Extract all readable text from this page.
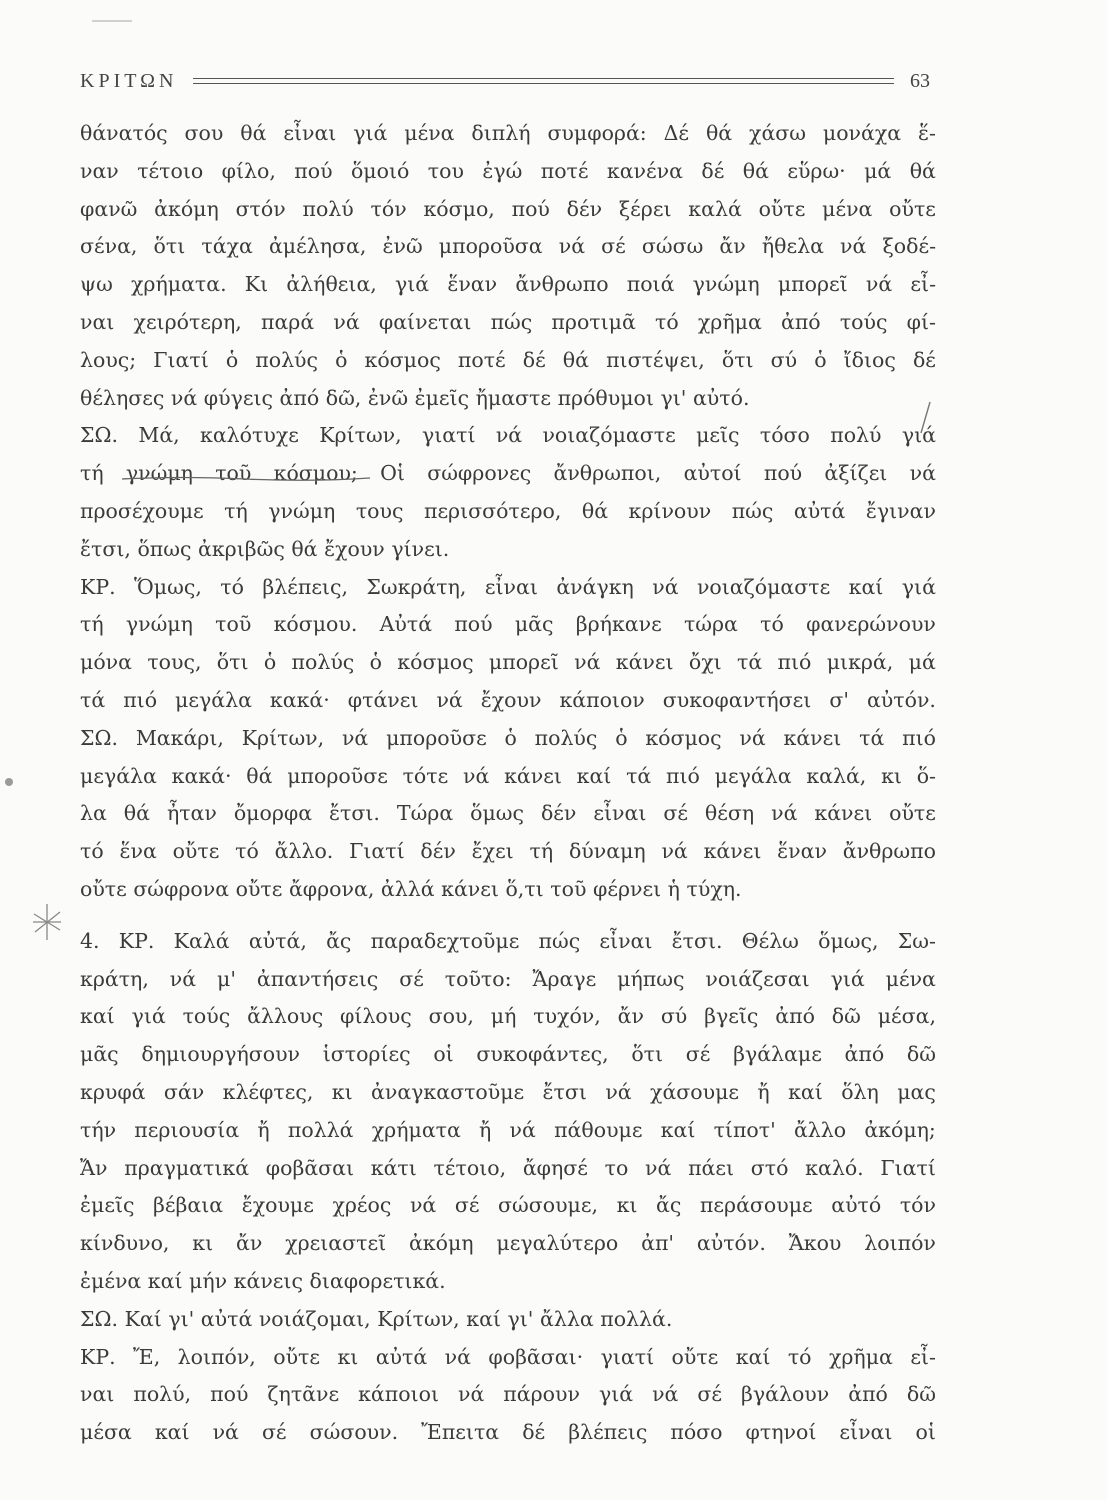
ΚΡΙΤΩΝ	63
θάνατός σου θά εἶναι γιά μένα διπλή συμφορά: Δέ θά χάσω μονάχα ἕ-
ναν τέτοιο φίλο, πού ὅμοιό του ἐγώ ποτέ κανένα δέ θά εὕρω· μά θά
φανῶ ἀκόμη στόν πολύ τόν κόσμο, πού δέν ξέρει καλά οὔτε μένα οὔτε
σένα, ὅτι τάχα ἀμέλησα, ἐνῶ μποροῦσα νά σέ σώσω ἄν ἤθελα νά ξοδέ-
ψω χρήματα. Κι ἀλήθεια, γιά ἕναν ἄνθρωπο ποιά γνώμη μπορεῖ νά εἶ-
ναι χειρότερη, παρά νά φαίνεται πώς προτιμᾶ τό χρῆμα ἀπό τούς φί-
λους; Γιατί ὁ πολύς ὁ κόσμος ποτέ δέ θά πιστέψει, ὅτι σύ ὁ ἴδιος δέ
θέλησες νά φύγεις ἀπό δῶ, ἐνῶ ἐμεῖς ἤμαστε πρόθυμοι γι' αὐτό.
ΣΩ. Μά, καλότυχε Κρίτων, γιατί νά νοιαζόμαστε μεῖς τόσο πολύ γιά
τή γνώμη τοῦ κόσμου; Οἱ σώφρονες ἄνθρωποι, αὐτοί πού ἀξίζει νά
προσέχουμε τή γνώμη τους περισσότερο, θά κρίνουν πώς αὐτά ἔγιναν
ἔτσι, ὅπως ἀκριβῶς θά ἔχουν γίνει.
ΚΡ. Ὅμως, τό βλέπεις, Σωκράτη, εἶναι ἀνάγκη νά νοιαζόμαστε καί γιά
τή γνώμη τοῦ κόσμου. Αὐτά πού μᾶς βρήκανε τώρα τό φανερώνουν
μόνα τους, ὅτι ὁ πολύς ὁ κόσμος μπορεῖ νά κάνει ὄχι τά πιό μικρά, μά
τά πιό μεγάλα κακά· φτάνει νά ἔχουν κάποιον συκοφαντήσει σ' αὐτόν.
ΣΩ. Μακάρι, Κρίτων, νά μποροῦσε ὁ πολύς ὁ κόσμος νά κάνει τά πιό
μεγάλα κακά· θά μποροῦσε τότε νά κάνει καί τά πιό μεγάλα καλά, κι ὅ-
λα θά ἦταν ὄμορφα ἔτσι. Τώρα ὅμως δέν εἶναι σέ θέση νά κάνει οὔτε
τό ἕνα οὔτε τό ἄλλο. Γιατί δέν ἔχει τή δύναμη νά κάνει ἕναν ἄνθρωπο
οὔτε σώφρονα οὔτε ἄφρονα, ἀλλά κάνει ὅ,τι τοῦ φέρνει ἡ τύχη.
4. ΚΡ. Καλά αὐτά, ἄς παραδεχτοῦμε πώς εἶναι ἔτσι. Θέλω ὅμως, Σω-
κράτη, νά μ' ἀπαντήσεις σέ τοῦτο: Ἄραγε μήπως νοιάζεσαι γιά μένα
καί γιά τούς ἄλλους φίλους σου, μή τυχόν, ἄν σύ βγεῖς ἀπό δῶ μέσα,
μᾶς δημιουργήσουν ἱστορίες οἱ συκοφάντες, ὅτι σέ βγάλαμε ἀπό δῶ
κρυφά σάν κλέφτες, κι ἀναγκαστοῦμε ἔτσι νά χάσουμε ἤ καί ὅλη μας
τήν περιουσία ἤ πολλά χρήματα ἤ νά πάθουμε καί τίποτ' ἄλλο ἀκόμη;
Ἄν πραγματικά φοβᾶσαι κάτι τέτοιο, ἄφησέ το νά πάει στό καλό. Γιατί
ἐμεῖς βέβαια ἔχουμε χρέος νά σέ σώσουμε, κι ἄς περάσουμε αὐτό τόν
κίνδυνο, κι ἄν χρειαστεῖ ἀκόμη μεγαλύτερο ἀπ' αὐτόν. Ἄκου λοιπόν
ἐμένα καί μήν κάνεις διαφορετικά.
ΣΩ. Καί γι' αὐτά νοιάζομαι, Κρίτων, καί γι' ἄλλα πολλά.
ΚΡ. Ἔ, λοιπόν, οὔτε κι αὐτά νά φοβᾶσαι· γιατί οὔτε καί τό χρῆμα εἶ-
ναι πολύ, πού ζητᾶνε κάποιοι νά πάρουν γιά νά σέ βγάλουν ἀπό δῶ
μέσα καί νά σέ σώσουν. Ἔπειτα δέ βλέπεις πόσο φτηνοί εἶναι οἱ
